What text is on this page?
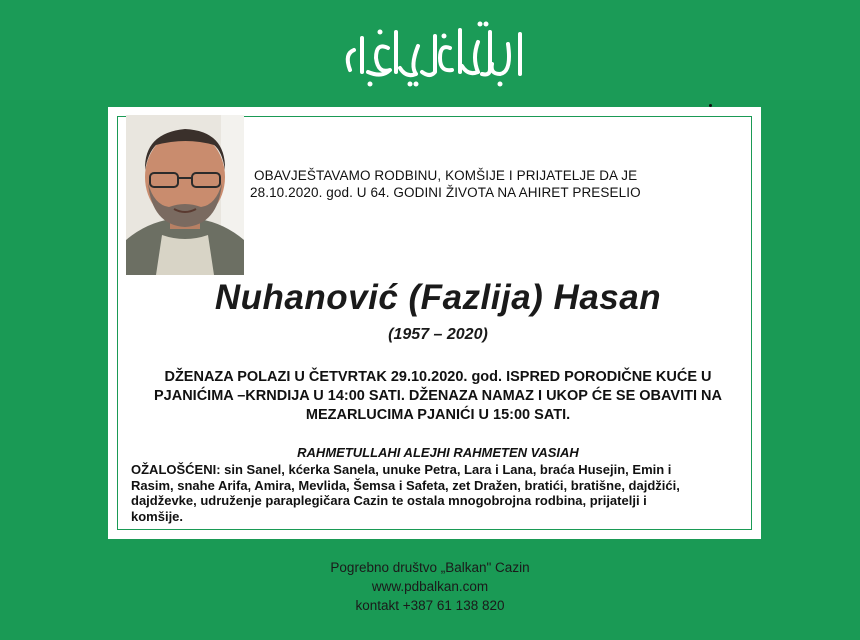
OBAVJEŠTAVAMO RODBINU, KOMŠIJE I PRIJATELJE DA JE
28.10.2020. god. U 64. GODINI ŽIVOTA NA AHIRET PRESELIO
Nuhanović (Fazlija) Hasan
(1957 – 2020)
DŽENAZA POLAZI U ČETVRTAK 29.10.2020. god. ISPRED PORODIČNE KUĆE U
PJANIĆIMA –KRNDIJA U 14:00 SATI. DŽENAZA NAMAZ I UKOP ĆE SE OBAVITI NA
MEZARLUCIMA PJANIĆI U 15:00 SATI.
RAHMETULLAHI ALEJHI RAHMETEN VASIAH
OŽALOŠĆENI: sin Sanel, kćerka Sanela, unuke Petra, Lara i Lana, braća Husejin, Emin i
Rasim, snahe Arifa, Amira, Mevlida, Šemsa i Safeta, zet Dražen, bratići, bratišne, dajdžići,
dajdževke, udruženje paraplegičara Cazin te ostala mnogobrojna rodbina, prijatelji i
komšije.
Pogrebno društvo „Balkan" Cazin
www.pdbalkan.com
kontakt +387 61 138 820
